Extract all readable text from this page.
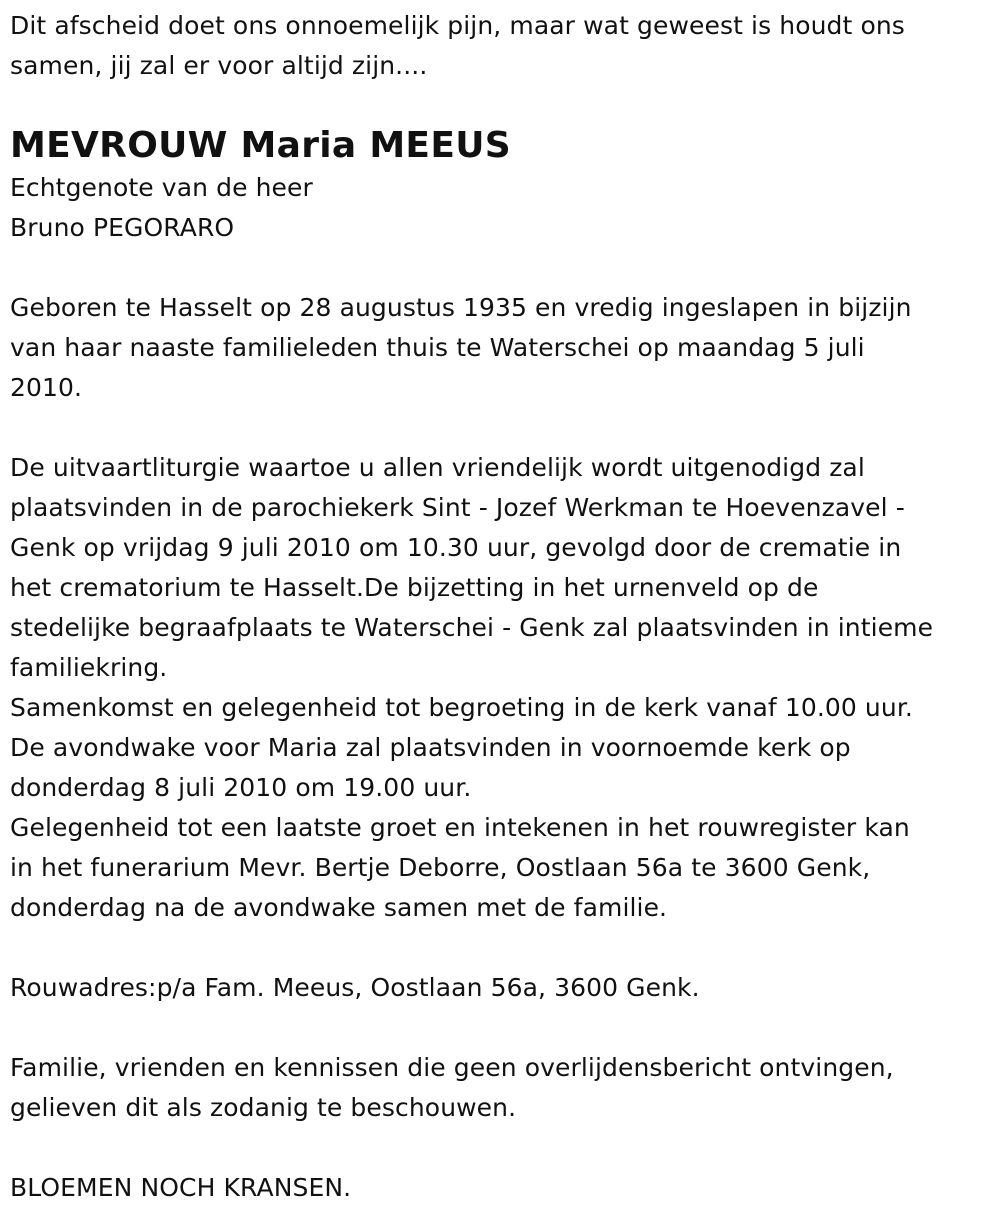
Dit afscheid doet ons onnoemelijk pijn, maar wat geweest is houdt ons
samen, jij zal er voor altijd zijn....
MEVROUW Maria MEEUS
Echtgenote van de heer
Bruno PEGORARO
Geboren te Hasselt op 28 augustus 1935 en vredig ingeslapen in bijzijn
van haar naaste familieleden thuis te Waterschei op maandag 5 juli
2010.
De uitvaartliturgie waartoe u allen vriendelijk wordt uitgenodigd zal
plaatsvinden in de parochiekerk Sint - Jozef Werkman te Hoevenzavel -
Genk op vrijdag 9 juli 2010 om 10.30 uur, gevolgd door de crematie in
het crematorium te Hasselt.De bijzetting in het urnenveld op de
stedelijke begraafplaats te Waterschei - Genk zal plaatsvinden in intieme
familiekring.
Samenkomst en gelegenheid tot begroeting in de kerk vanaf 10.00 uur.
De avondwake voor Maria zal plaatsvinden in voornoemde kerk op
donderdag 8 juli 2010 om 19.00 uur.
Gelegenheid tot een laatste groet en intekenen in het rouwregister kan
in het funerarium Mevr. Bertje Deborre, Oostlaan 56a te 3600 Genk,
donderdag na de avondwake samen met de familie.
Rouwadres:p/a Fam. Meeus, Oostlaan 56a, 3600 Genk.
Familie, vrienden en kennissen die geen overlijdensbericht ontvingen,
gelieven dit als zodanig te beschouwen.
BLOEMEN NOCH KRANSEN.
